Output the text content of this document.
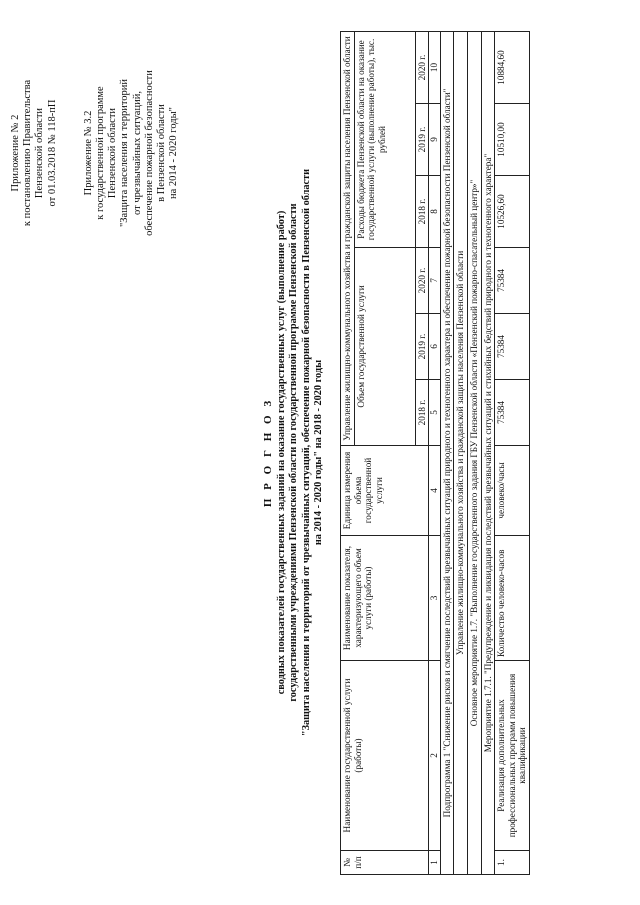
Приложение № 2 к постановлению Правительства Пензенской области от 01.03.2018 № 118-пП Приложение № 3.2 к государственной программе Пензенской области "Защита населения и территорий от чрезвычайных ситуаций, обеспечение пожарной безопасности в Пензенской области на 2014 - 2020 годы"
П Р О Г Н О З сводных показателей государственных заданий на оказание государственных услуг (выполнение работ) государственными учреждениями Пензенской области по государственной программе Пензенской области "Защита населения и территорий от чрезвычайных ситуаций, обеспечение пожарной безопасности в Пензенской области на 2014 - 2020 годы" на 2018 - 2020 годы
№ п/п	Наименование государственной услуги (работы)	Наименование показателя, характеризующего объем услуги (работы)	Единица измерения объема государственной услуги	Управление жилищно-коммунального хозяйства и гражданской защиты населения Пензенской области					
				Объем государственной услуги			Расходы бюджета Пензенской области на оказание государственной услуги (выполнение работы), тыс. рублей		
				2018 г.	2019 г.	2020 г.	2018 г.	2019 г.	2020 г.
1	2	3	4	5	6	7	8	9	10
Подпрограмма 1 "Снижение рисков и смягчение последствий чрезвычайных ситуаций природного и техногенного характера и обеспечение пожарной безопасности Пензенской области"									
Управление жилищно-коммунального хозяйства и гражданской защиты населения Пензенской области									
Основное мероприятие 1.7. "Выполнение государственного задания ГБУ Пензенской области «Пензенский пожарно-спасательный центр»"									
Мероприятие 1.7.1. "Предупреждение и ликвидация последствий чрезвычайных ситуаций и стихийных бедствий природного и техногенного характера"									
1.	Реализация дополнительных профессиональных программ повышения квалификации	Количество человеко-часов	человеко/часы	75384	75384	75384	10526,60	10510,00	10884,60
